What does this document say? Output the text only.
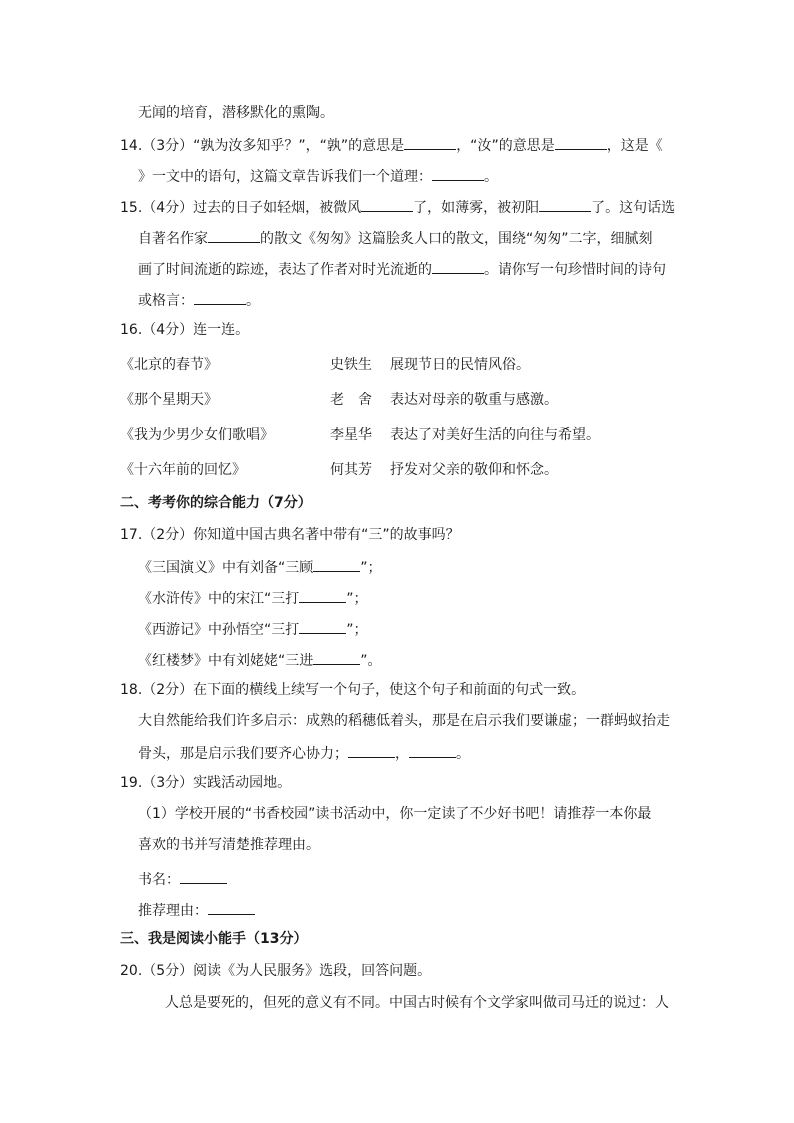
无闻的培育，潜移默化的熏陶。
14.（3分）“孰为汝多知乎？”，“孰”的意思是	，“汝”的意思是	，这是《
》一文中的语句，这篇文章告诉我们一个道理：	。
15.（4分）过去的日子如轻烟，被微风	了，如薄雾，被初阳	了。这句话选
自著名作家	的散文《匆匆》这篇脍炙人口的散文，围绕“匆匆”二字，细腻刻
画了时间流逝的踪迹，表达了作者对时光流逝的	。请你写一句珍惜时间的诗句
或格言：	。
16.（4分）连一连。
《北京的春节》	史铁生 展现节日的民情风俗。
《那个星期天》	老　舍 表达对母亲的敬重与感激。
《我为少男少女们歌唱》	李星华 表达了对美好生活的向往与希望。
《十六年前的回忆》	何其芳 抒发对父亲的敬仰和怀念。
二、考考你的综合能力（7分）
17.（2分）你知道中国古典名著中带有“三”的故事吗？
《三国演义》中有刘备“三顾	”；
《水浒传》中的宋江“三打	”；
《西游记》中孙悟空“三打	”；
《红楼梦》中有刘姥姥“三进	”。
18.（2分）在下面的横线上续写一个句子，使这个句子和前面的句式一致。
大自然能给我们许多启示：成熟的稻穗低着头，那是在启示我们要谦虚；一群蚂蚁抬走
骨头，那是启示我们要齐心协力；	，	。
19.（3分）实践活动园地。
（1）学校开展的“书香校园”读书活动中，你一定读了不少好书吧！请推荐一本你最
喜欢的书并写清楚推荐理由。
书名：
推荐理由：
三、我是阅读小能手（13分）
20.（5分）阅读《为人民服务》选段，回答问题。
人总是要死的，但死的意义有不同。中国古时候有个文学家叫做司马迁的说过：人
